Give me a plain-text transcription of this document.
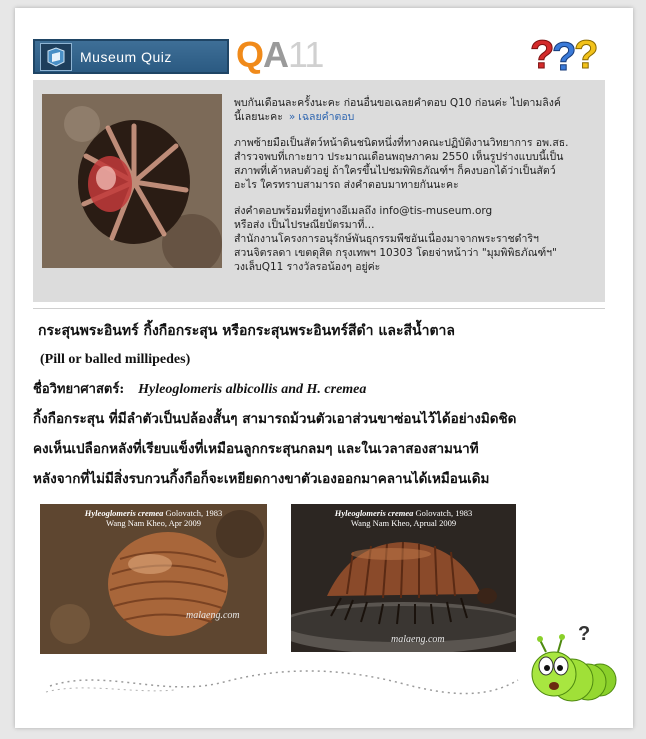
Museum Quiz QA11	?
?
?

พบกันเดือนละครั้งนะคะ ก่อนอื่นขอเฉลยคำตอบ Q10 ก่อนค่ะ ไปตามลิงค์

นี้เลยนะคะ » เฉลยคำตอบ

ภาพซ้ายมือเป็นสัตว์หน้าดินชนิดหนึ่งที่ทางคณะปฏิบัติงานวิทยาการ อพ.สธ.

สำรวจพบที่เกาะยาว ประมาณเดือนพฤษภาคม 2550 เห็นรูปร่างแบบนี้เป็น

สภาพที่เค้าหลบตัวอยู่ ถ้าใครขึ้นไปชมพิพิธภัณฑ์ฯ ก็คงบอกได้ว่าเป็นสัตว์

อะไร ใครทราบสามารถ ส่งคำตอบมาทายกันนะคะ

ส่งคำตอบพร้อมที่อยู่ทางอีเมลถึง info@tis-museum.org

หรือส่ง เป็นไปรษณียบัตรมาที่...

สำนักงานโครงการอนุรักษ์พันธุกรรมพืชอันเนื่องมาจากพระราชดำริฯ

สวนจิตรลดา เขตดุสิต กรุงเทพฯ 10303 โดยจ่าหน้าว่า "มุมพิพิธภัณฑ์ฯ"

วงเล็บQ11 รางวัลรอน้องๆ อยู่ค่ะ

กระสุนพระอินทร์ กิ้งกือกระสุน หรือกระสุนพระอินทร์สีดำ และสีน้ำตาล
(Pill or balled millipedes)
ชื่อวิทยาศาสตร์: Hyleoglomeris albicollis and H. cremea
กิ้งกือกระสุน ที่มีลำตัวเป็นปล้องสั้นๆ สามารถม้วนตัวเอาส่วนขาซ่อนไว้ได้อย่างมิดชิด
คงเห็นเปลือกหลังที่เรียบแข็งที่เหมือนลูกกระสุนกลมๆ และในเวลาสองสามนาที
หลังจากที่ไม่มีสิ่งรบกวนกิ้งกือก็จะเหยียดกางขาตัวเองออกมาคลานได้เหมือนเดิม
Hyleoglomeris cremea Golovatch, 1983
Wang Nam Kheo, Apr 2009
malaeng.com
Hyleoglomeris cremea Golovatch, 1983
Wang Nam Kheo, Aprual 2009
malaeng.com	?
